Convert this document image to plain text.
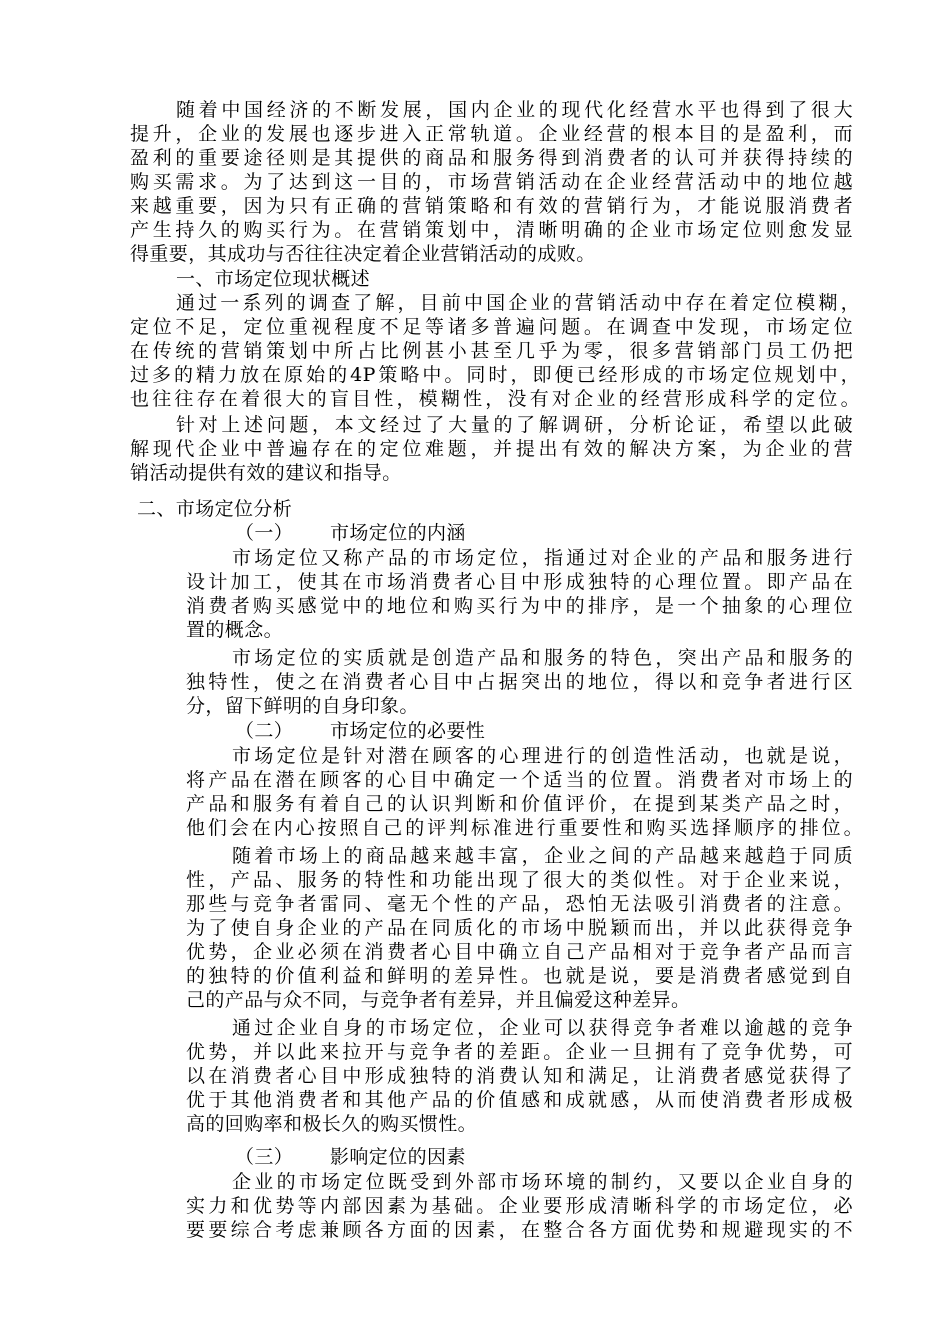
随着中国经济的不断发展，国内企业的现代化经营水平也得到了很大

提升，企业的发展也逐步进入正常轨道。企业经营的根本目的是盈利，而

盈利的重要途径则是其提供的商品和服务得到消费者的认可并获得持续的

购买需求。为了达到这一目的，市场营销活动在企业经营活动中的地位越

来越重要，因为只有正确的营销策略和有效的营销行为，才能说服消费者

产生持久的购买行为。在营销策划中，清晰明确的企业市场定位则愈发显

得重要，其成功与否往往决定着企业营销活动的成败。

一、市场定位现状概述

通过一系列的调查了解，目前中国企业的营销活动中存在着定位模糊，

定位不足，定位重视程度不足等诸多普遍问题。在调查中发现，市场定位

在传统的营销策划中所占比例甚小甚至几乎为零，很多营销部门员工仍把

过多的精力放在原始的4P策略中。同时，即便已经形成的市场定位规划中，

也往往存在着很大的盲目性，模糊性，没有对企业的经营形成科学的定位。

针对上述问题，本文经过了大量的了解调研，分析论证，希望以此破

解现代企业中普遍存在的定位难题，并提出有效的解决方案，为企业的营

销活动提供有效的建议和指导。

二、市场定位分析

（一） 市场定位的内涵

市场定位又称产品的市场定位，指通过对企业的产品和服务进行

设计加工，使其在市场消费者心目中形成独特的心理位置。即产品在

消费者购买感觉中的地位和购买行为中的排序，是一个抽象的心理位

置的概念。

市场定位的实质就是创造产品和服务的特色，突出产品和服务的

独特性，使之在消费者心目中占据突出的地位，得以和竞争者进行区

分，留下鲜明的自身印象。

（二） 市场定位的必要性

市场定位是针对潜在顾客的心理进行的创造性活动，也就是说，

将产品在潜在顾客的心目中确定一个适当的位置。消费者对市场上的

产品和服务有着自己的认识判断和价值评价，在提到某类产品之时，

他们会在内心按照自己的评判标准进行重要性和购买选择顺序的排位。

随着市场上的商品越来越丰富，企业之间的产品越来越趋于同质

性，产品、服务的特性和功能出现了很大的类似性。对于企业来说，

那些与竞争者雷同、毫无个性的产品，恐怕无法吸引消费者的注意。

为了使自身企业的产品在同质化的市场中脱颖而出，并以此获得竞争

优势，企业必须在消费者心目中确立自己产品相对于竞争者产品而言

的独特的价值利益和鲜明的差异性。也就是说，要是消费者感觉到自

己的产品与众不同，与竞争者有差异，并且偏爱这种差异。

通过企业自身的市场定位，企业可以获得竞争者难以逾越的竞争

优势，并以此来拉开与竞争者的差距。企业一旦拥有了竞争优势，可

以在消费者心目中形成独特的消费认知和满足，让消费者感觉获得了

优于其他消费者和其他产品的价值感和成就感，从而使消费者形成极

高的回购率和极长久的购买惯性。

（三） 影响定位的因素

企业的市场定位既受到外部市场环境的制约，又要以企业自身的

实力和优势等内部因素为基础。企业要形成清晰科学的市场定位，必

要要综合考虑兼顾各方面的因素，在整合各方面优势和规避现实的不
